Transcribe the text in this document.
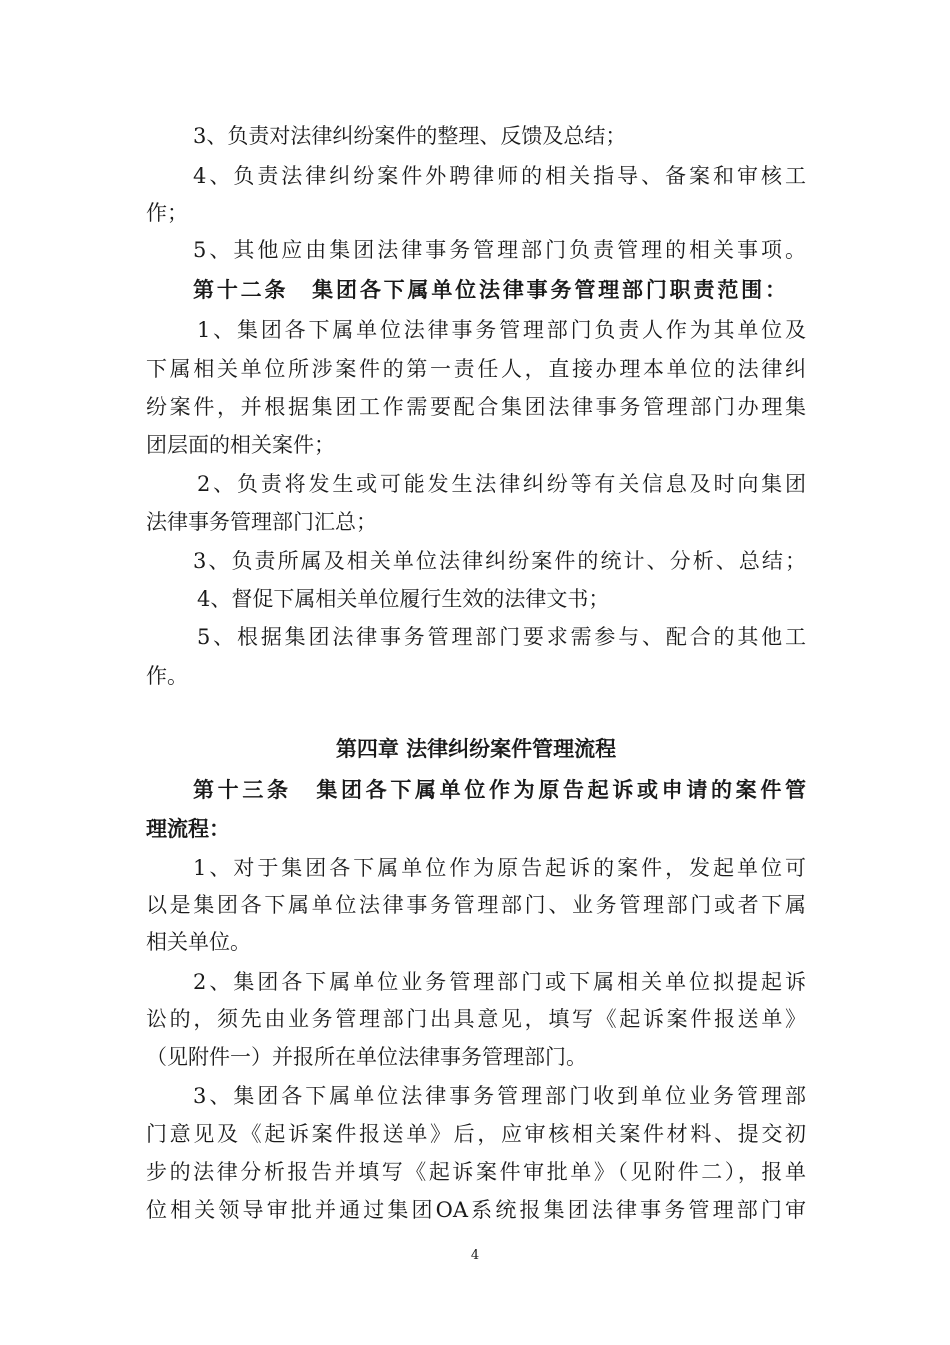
3、负责对法律纠纷案件的整理、反馈及总结；
4、负责法律纠纷案件外聘律师的相关指导、备案和审核工
作；
5、其他应由集团法律事务管理部门负责管理的相关事项。
第十二条　集团各下属单位法律事务管理部门职责范围：
1、集团各下属单位法律事务管理部门负责人作为其单位及
下属相关单位所涉案件的第一责任人，直接办理本单位的法律纠
纷案件，并根据集团工作需要配合集团法律事务管理部门办理集
团层面的相关案件；
2、负责将发生或可能发生法律纠纷等有关信息及时向集团
法律事务管理部门汇总；
3、负责所属及相关单位法律纠纷案件的统计、分析、总结；
4、督促下属相关单位履行生效的法律文书；
5、根据集团法律事务管理部门要求需参与、配合的其他工
作。
第四章 法律纠纷案件管理流程
第十三条　集团各下属单位作为原告起诉或申请的案件管
理流程：
1、对于集团各下属单位作为原告起诉的案件，发起单位可
以是集团各下属单位法律事务管理部门、业务管理部门或者下属
相关单位。
2、集团各下属单位业务管理部门或下属相关单位拟提起诉
讼的，须先由业务管理部门出具意见，填写《起诉案件报送单》
（见附件一）并报所在单位法律事务管理部门。
3、集团各下属单位法律事务管理部门收到单位业务管理部
门意见及《起诉案件报送单》后，应审核相关案件材料、提交初
步的法律分析报告并填写《起诉案件审批单》（见附件二），报单
位相关领导审批并通过集团OA系统报集团法律事务管理部门审
4
